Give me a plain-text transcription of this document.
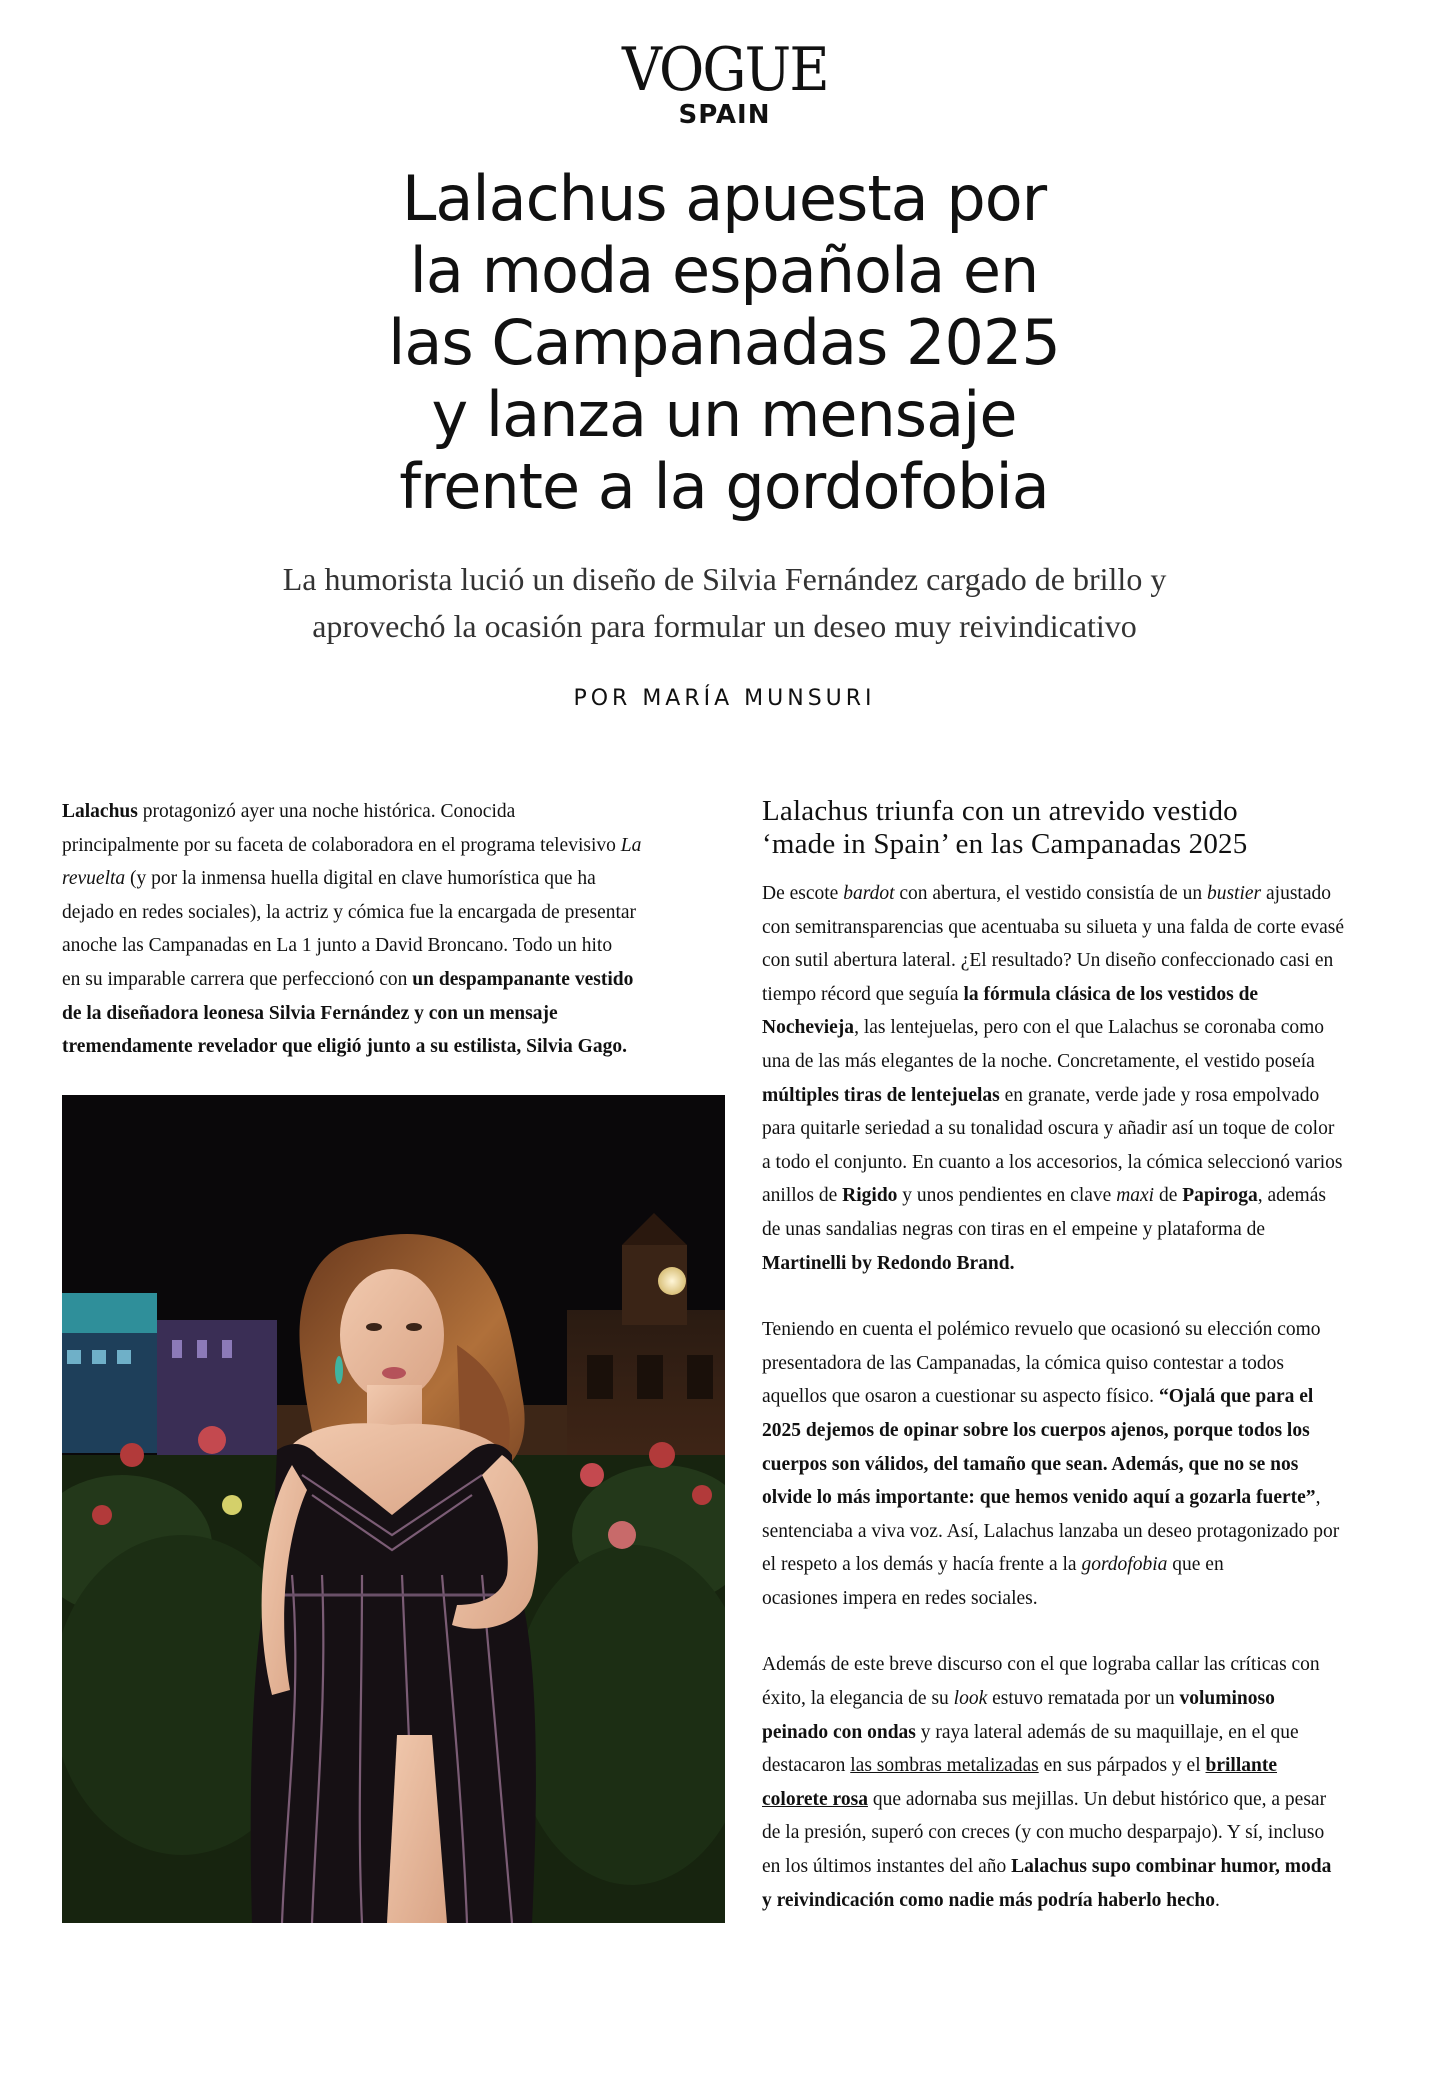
VOGUE
SPAIN
Lalachus apuesta por
la moda española en
las Campanadas 2025
y lanza un mensaje
frente a la gordofobia

La humorista lució un diseño de Silvia Fernández cargado de brillo y
aprovechó la ocasión para formular un deseo muy reivindicativo

POR MARÍA MUNSURI
Lalachus protagonizó ayer una noche histórica. Conocida
principalmente por su faceta de colaboradora en el programa televisivo La
revuelta (y por la inmensa huella digital en clave humorística que ha
dejado en redes sociales), la actriz y cómica fue la encargada de presentar
anoche las Campanadas en La 1 junto a David Broncano. Todo un hito
en su imparable carrera que perfeccionó con un despampanante vestido
de la diseñadora leonesa Silvia Fernández y con un mensaje
tremendamente revelador que eligió junto a su estilista, Silvia Gago.
Lalachus triunfa con un atrevido vestido
‘made in Spain’ en las Campanadas 2025
De escote bardot con abertura, el vestido consistía de un bustier ajustado
con semitransparencias que acentuaba su silueta y una falda de corte evasé
con sutil abertura lateral. ¿El resultado? Un diseño confeccionado casi en
tiempo récord que seguía la fórmula clásica de los vestidos de
Nochevieja, las lentejuelas, pero con el que Lalachus se coronaba como
una de las más elegantes de la noche. Concretamente, el vestido poseía
múltiples tiras de lentejuelas en granate, verde jade y rosa empolvado
para quitarle seriedad a su tonalidad oscura y añadir así un toque de color
a todo el conjunto. En cuanto a los accesorios, la cómica seleccionó varios
anillos de Rigido y unos pendientes en clave maxi de Papiroga, además
de unas sandalias negras con tiras en el empeine y plataforma de
Martinelli by Redondo Brand.
Teniendo en cuenta el polémico revuelo que ocasionó su elección como
presentadora de las Campanadas, la cómica quiso contestar a todos
aquellos que osaron a cuestionar su aspecto físico. “Ojalá que para el
2025 dejemos de opinar sobre los cuerpos ajenos, porque todos los
cuerpos son válidos, del tamaño que sean. Además, que no se nos
olvide lo más importante: que hemos venido aquí a gozarla fuerte”,
sentenciaba a viva voz. Así, Lalachus lanzaba un deseo protagonizado por
el respeto a los demás y hacía frente a la gordofobia que en
ocasiones impera en redes sociales.
Además de este breve discurso con el que lograba callar las críticas con
éxito, la elegancia de su look estuvo rematada por un voluminoso
peinado con ondas y raya lateral además de su maquillaje, en el que
destacaron las sombras metalizadas en sus párpados y el brillante
colorete rosa que adornaba sus mejillas. Un debut histórico que, a pesar
de la presión, superó con creces (y con mucho desparpajo). Y sí, incluso
en los últimos instantes del año Lalachus supo combinar humor, moda
y reivindicación como nadie más podría haberlo hecho.
